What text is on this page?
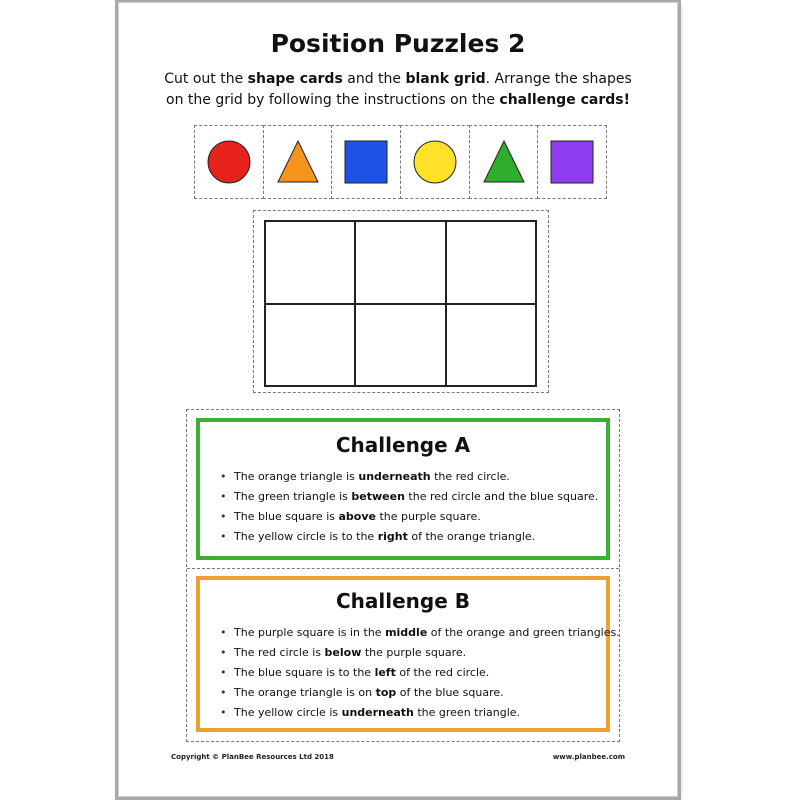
Position Puzzles 2

Cut out the shape cards and the blank grid. Arrange the shapes

on the grid by following the instructions on the challenge cards!

Challenge A
• The orange triangle is underneath the red circle.
• The green triangle is between the red circle and the blue square.
• The blue square is above the purple square.
• The yellow circle is to the right of the orange triangle.
Challenge B
• The purple square is in the middle of the orange and green triangles.
• The red circle is below the purple square.
• The blue square is to the left of the red circle.
• The orange triangle is on top of the blue square.
• The yellow circle is underneath the green triangle.
Copyright © PlanBee Resources Ltd 2018	www.planbee.com
